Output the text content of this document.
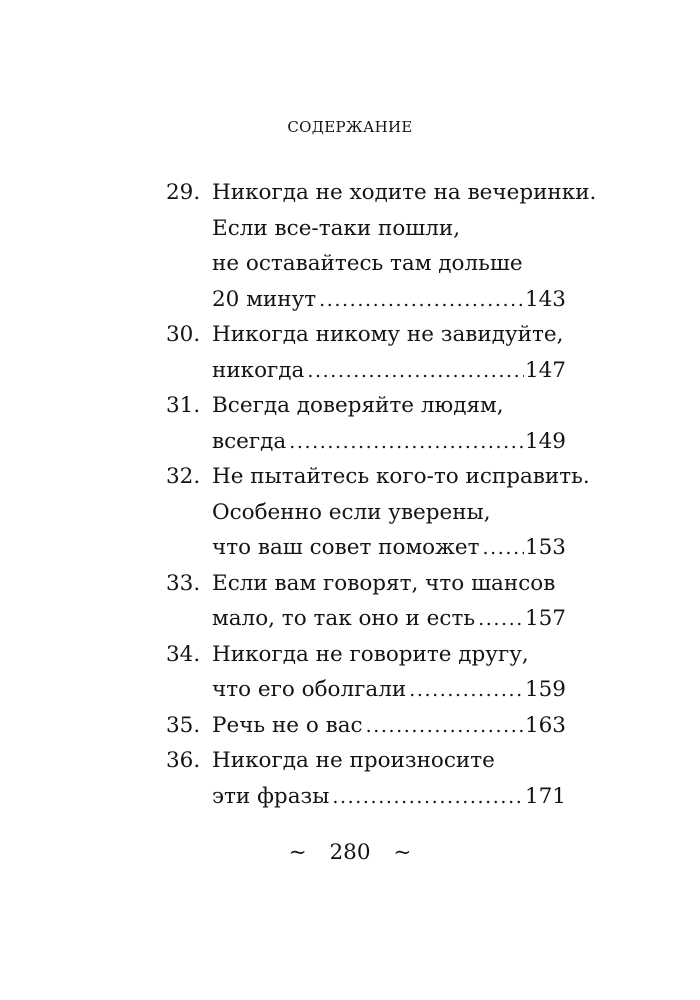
СОДЕРЖАНИЕ
29. Никогда не ходите на вечеринки.
Если все-таки пошли,
не оставайтесь там дольше
20 минут .....	143
30. Никогда никому не завидуйте,
никогда .....	147
31. Всегда доверяйте людям,
всегда .....	149
32. Не пытайтесь кого-то исправить.
Особенно если уверены,
что ваш совет поможет ..... 153
33. Если вам говорят, что шансов
мало, то так оно и есть ..... 157
34. Никогда не говорите другу,
что его оболгали .....	159
35. Речь не о вас .....	163
36. Никогда не произносите
эти фразы .....	171
~ 280 ~
